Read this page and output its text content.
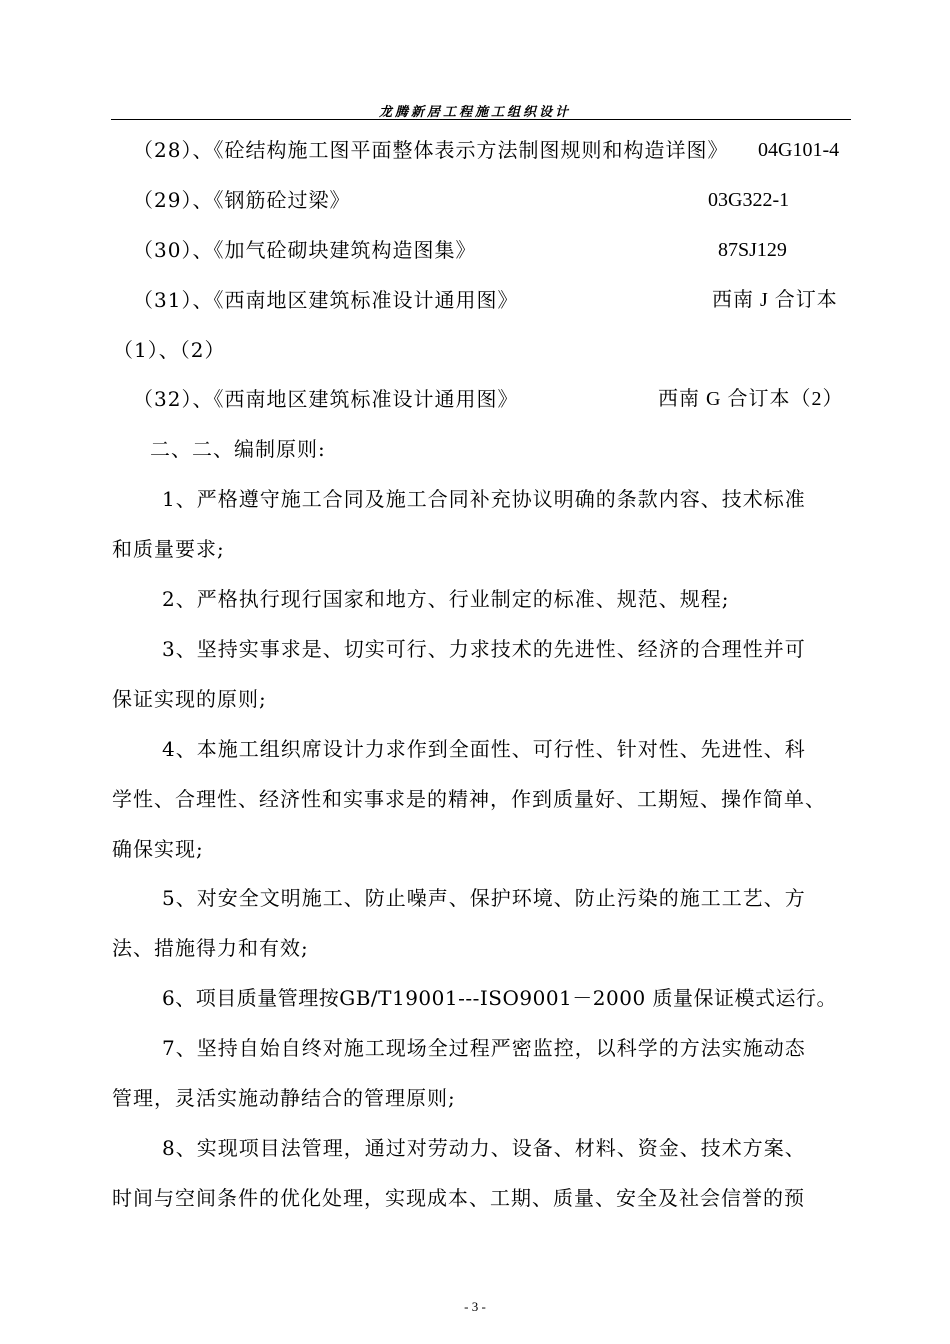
龙腾新居工程施工组织设计
（28）、《砼结构施工图平面整体表示方法制图规则和构造详图》 04G101-4
（29）、《钢筋砼过梁》	03G322-1
（30）、《加气砼砌块建筑构造图集》	87SJ129
（31）、《西南地区建筑标准设计通用图》	西南 J 合订本
（1）、（2）
（32）、《西南地区建筑标准设计通用图》	西南 G 合订本（2）
二、二、编制原则:
1、严格遵守施工合同及施工合同补充协议明确的条款内容、技术标准
和质量要求;
2、严格执行现行国家和地方、行业制定的标准、规范、规程;
3、坚持实事求是、切实可行、力求技术的先进性、经济的合理性并可
保证实现的原则;
4、本施工组织席设计力求作到全面性、可行性、针对性、先进性、科
学性、合理性、经济性和实事求是的精神，作到质量好、工期短、操作简单、
确保实现;
5、对安全文明施工、防止噪声、保护环境、防止污染的施工工艺、方
法、措施得力和有效;
6、项目质量管理按GB/T19001---ISO9001－2000 质量保证模式运行。
7、坚持自始自终对施工现场全过程严密监控，以科学的方法实施动态
管理，灵活实施动静结合的管理原则;
8、实现项目法管理，通过对劳动力、设备、材料、资金、技术方案、
时间与空间条件的优化处理，实现成本、工期、质量、安全及社会信誉的预
- 3 -
